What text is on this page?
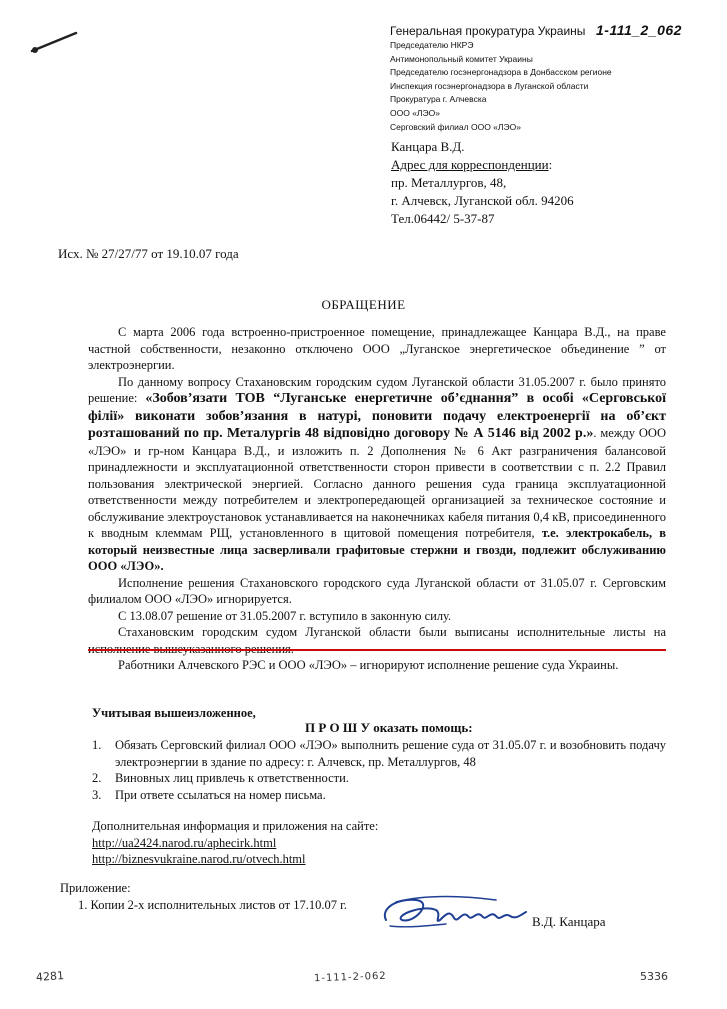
Генеральная прокуратура Украины
Председателю НКРЭ
Антимонопольный комитет Украины
Председателю госэнергонадзора в Донбасском регионе
Инспекция госэнергонадзора в Луганской области
Прокуратура г. Алчевска
ООО «ЛЭО»
Серговский филиал ООО «ЛЭО»
1-111_2_062
Канцара В.Д.
Адрес для корреспонденции:
пр. Металлургов, 48,
г. Алчевск, Луганской обл. 94206
Тел.06442/ 5-37-87
Исх. № 27/27/77 от 19.10.07 года
ОБРАЩЕНИЕ

С марта 2006 года встроенно-пристроенное помещение, принадлежащее Канцара В.Д., на праве частной собственности, незаконно отключено ООО „Луганское энергетическое объединение ” от электроэнергии.

По данному вопросу Стахановским городским судом Луганской области 31.05.2007 г. было принято решение: «Зобов’язати ТОВ “Луганське енергетичне об’єднання” в особі «Серговської філії» виконати зобов’язання в натурі, поновити подачу електроенергії на об’єкт розташований по пр. Металургів 48 відповідно договору № А 5146 від 2002 р.». между ООО «ЛЭО» и гр-ном Канцара В.Д., и изложить п. 2 Дополнения № 6 Акт разграничения балансовой принадлежности и эксплуатационной ответственности сторон привести в соответствии с п. 2.2 Правил пользования электрической энергией. Согласно данного решения суда граница эксплуатационной ответственности между потребителем и электропередающей организацией за техническое состояние и обслуживание электроустановок устанавливается на наконечниках кабеля питания 0,4 кВ, присоединенного к вводным клеммам РЩ, установленного в щитовой помещения потребителя, т.е. электрокабель, в который неизвестные лица засверливали графитовые стержни и гвозди, подлежит обслуживанию ООО «ЛЭО».

Исполнение решения Стахановского городского суда Луганской области от 31.05.07 г. Серговским филиалом ООО «ЛЭО» игнорируется.

С 13.08.07 решение от 31.05.2007 г. вступило в законную силу.

Стахановским городским судом Луганской области были выписаны исполнительные листы на

Работники Алчевского РЭС и ООО «ЛЭО» – игнорируют исполнение решение суда Украины.

Учитывая вышеизложенное,
П Р О Ш У оказать помощь:
1.	Обязать Серговский филиал ООО «ЛЭО» выполнить решение суда от 31.05.07 г. и возобновить подачу электроэнергии в здание по адресу: г. Алчевск, пр. Металлургов, 48
2.	Виновных лиц привлечь к ответственности.
3.	При ответе ссылаться на номер письма.
Дополнительная информация и приложения на сайте:
http://ua2424.narod.ru/aphecirk.html
http://biznesvukraine.narod.ru/otvech.html
Приложение:
1. Копии 2-х исполнительных листов от 17.10.07 г.
В.Д. Канцара
4281	1-111-2-062	5336
